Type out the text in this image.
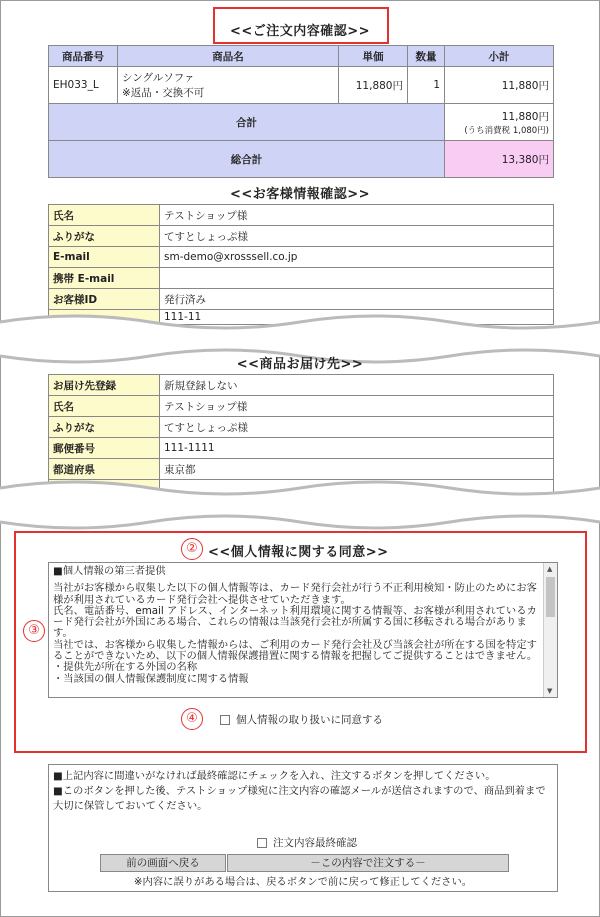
<<ご注文内容確認>>
商品番号	商品名	単価	数量	小計
EH033_L	シングルソファ
※返品・交換不可	11,880円	1	11,880円
合計				11,880円
(うち消費税 1,080円)

総合計				13,380円
<<お客様情報確認>>
氏名	テストショップ様
ふりがな	てすとしょっぷ様
E-mail	sm-demo@xrosssell.co.jp
携帯 E-mail	
お客様ID	発行済み
	111-11
<<商品お届け先>>
お届け先登録	新規登録しない
氏名	テストショップ様
ふりがな	てすとしょっぷ様
郵便番号	111-1111
都道府県	東京都

② <<個人情報に関する同意>>
③

■個人情報の第三者提供

当社がお客様から収集した以下の個人情報等は、カード発行会社が行う不正利用検知・防止のためにお客様が利用されているカード発行会社へ提供させていただきます。

氏名、電話番号、email アドレス、インターネット利用環境に関する情報等、お客様が利用されているカード発行会社が外国にある場合、これらの情報は当該発行会社が所属する国に移転される場合があります。

当社では、お客様から収集した情報からは、ご利用のカード発行会社及び当該会社が所在する国を特定することができないため、以下の個人情報保護措置に関する情報を把握してご提供することはできません。

・提供先が所在する外国の名称

・当該国の個人情報保護制度に関する情報

▲
▼
④	個人情報の取り扱いに同意する
■上記内容に間違いがなければ最終確認にチェックを入れ、注文するボタンを押してください。
■このボタンを押した後、テストショップ様宛に注文内容の確認メールが送信されますので、商品到着まで大切に保管しておいてください。
注文内容最終確認
前の画面へ戻る	－この内容で注文する－
※内容に誤りがある場合は、戻るボタンで前に戻って修正してください。
